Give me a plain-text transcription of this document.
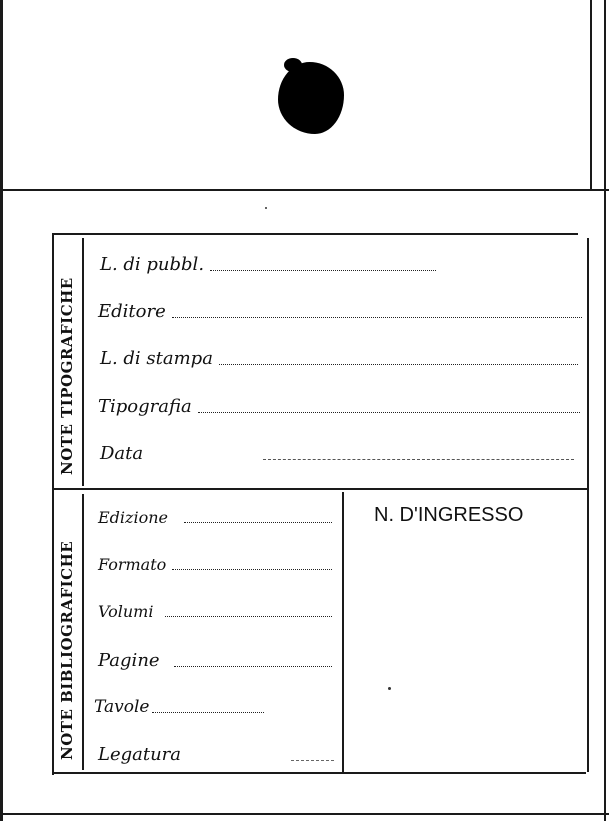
NOTE TIPOGRAFICHE
L. di pubbl.
Editore
L. di stampa
Tipografia
Data
NOTE BIBLIOGRAFICHE
Edizione
Formato
Volumi
Pagine
Tavole
Legatura
N. D'INGRESSO
